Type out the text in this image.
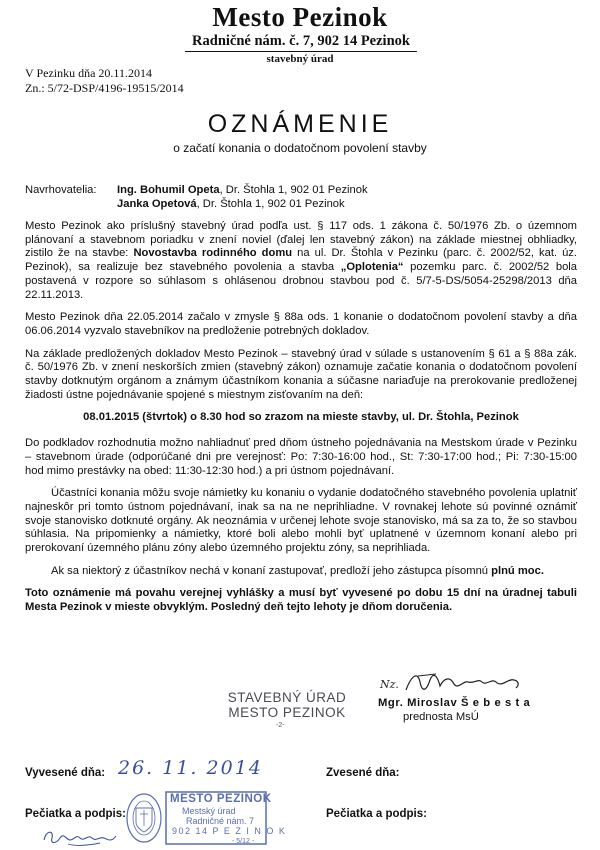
Mesto Pezinok
Radničné nám. č. 7, 902 14 Pezinok
stavebný úrad
V Pezinku dňa 20.11.2014
Zn.: 5/72-DSP/4196-19515/2014
OZNÁMENIE
o začatí konania o dodatočnom povolení stavby
Navrhovatelia: Ing. Bohumil Opeta, Dr. Štohla 1, 902 01 Pezinok
Janka Opetová, Dr. Štohla 1, 902 01 Pezinok

Mesto Pezinok ako príslušný stavebný úrad podľa ust. § 117 ods. 1 zákona č. 50/1976 Zb. o územnom plánovaní a stavebnom poriadku v znení noviel (ďalej len stavebný zákon) na základe miestnej obhliadky, zistilo že na stavbe: Novostavba rodinného domu na ul. Dr. Štohla v Pezinku (parc. č. 2002/52, kat. úz. Pezinok), sa realizuje bez stavebného povolenia a stavba „Oplotenia“ pozemku parc. č. 2002/52 bola postavená v rozpore so súhlasom s ohlásenou drobnou stavbou pod č. 5/7-5-DS/5054-25298/2013 dňa 22.11.2013.

Mesto Pezinok dňa 22.05.2014 začalo v zmysle § 88a ods. 1 konanie o dodatočnom povolení stavby a dňa 06.06.2014 vyzvalo stavebníkov na predloženie potrebných dokladov.

Na základe predložených dokladov Mesto Pezinok – stavebný úrad v súlade s ustanovením § 61 a § 88a zák. č. 50/1976 Zb. v znení neskorších zmien (stavebný zákon) oznamuje začatie konania o dodatočnom povolení stavby dotknutým orgánom a známym účastníkom konania a súčasne nariaďuje na prerokovanie predloženej žiadosti ústne pojednávanie spojené s miestnym zisťovaním na deň:

08.01.2015 (štvrtok) o 8.30 hod so zrazom na mieste stavby, ul. Dr. Štohla, Pezinok

Do podkladov rozhodnutia možno nahliadnuť pred dňom ústneho pojednávania na Mestskom úrade v Pezinku – stavebnom úrade (odporúčané dni pre verejnosť: Po: 7:30-16:00 hod., St: 7:30-17:00 hod.; Pi: 7:30-15:00 hod mimo prestávky na obed: 11:30-12:30 hod.) a pri ústnom pojednávaní.

Účastníci konania môžu svoje námietky ku konaniu o vydanie dodatočného stavebného povolenia uplatniť najneskôr pri tomto ústnom pojednávaní, inak sa na ne neprihliadne. V rovnakej lehote sú povinné oznámiť svoje stanovisko dotknuté orgány. Ak neoznámia v určenej lehote svoje stanovisko, má sa za to, že so stavbou súhlasia. Na pripomienky a námietky, ktoré boli alebo mohli byť uplatnené v územnom konaní alebo pri prerokovaní územného plánu zóny alebo územného projektu zóny, sa neprihliada.

Ak sa niektorý z účastníkov nechá v konaní zastupovať, predloží jeho zástupca písomnú plnú moc.

Toto oznámenie má povahu verejnej vyhlášky a musí byť vyvesené po dobu 15 dní na úradnej tabuli Mesta Pezinok v mieste obvyklým. Posledný deň tejto lehoty je dňom doručenia.

STAVEBNÝ ÚRAD
MESTO PEZINOK
-2-
Nz.
Mgr. Miroslav Š e b e s t a
prednosta MsÚ
Vyvesené dňa: 26. 11. 2014	Zvesené dňa:
Pečiatka a podpis:	Pečiatka a podpis:
MESTO PEZINOK
Mestský úrad
Radničné nám. 7
902 14 P E Z I N O K
- 5/12 -
